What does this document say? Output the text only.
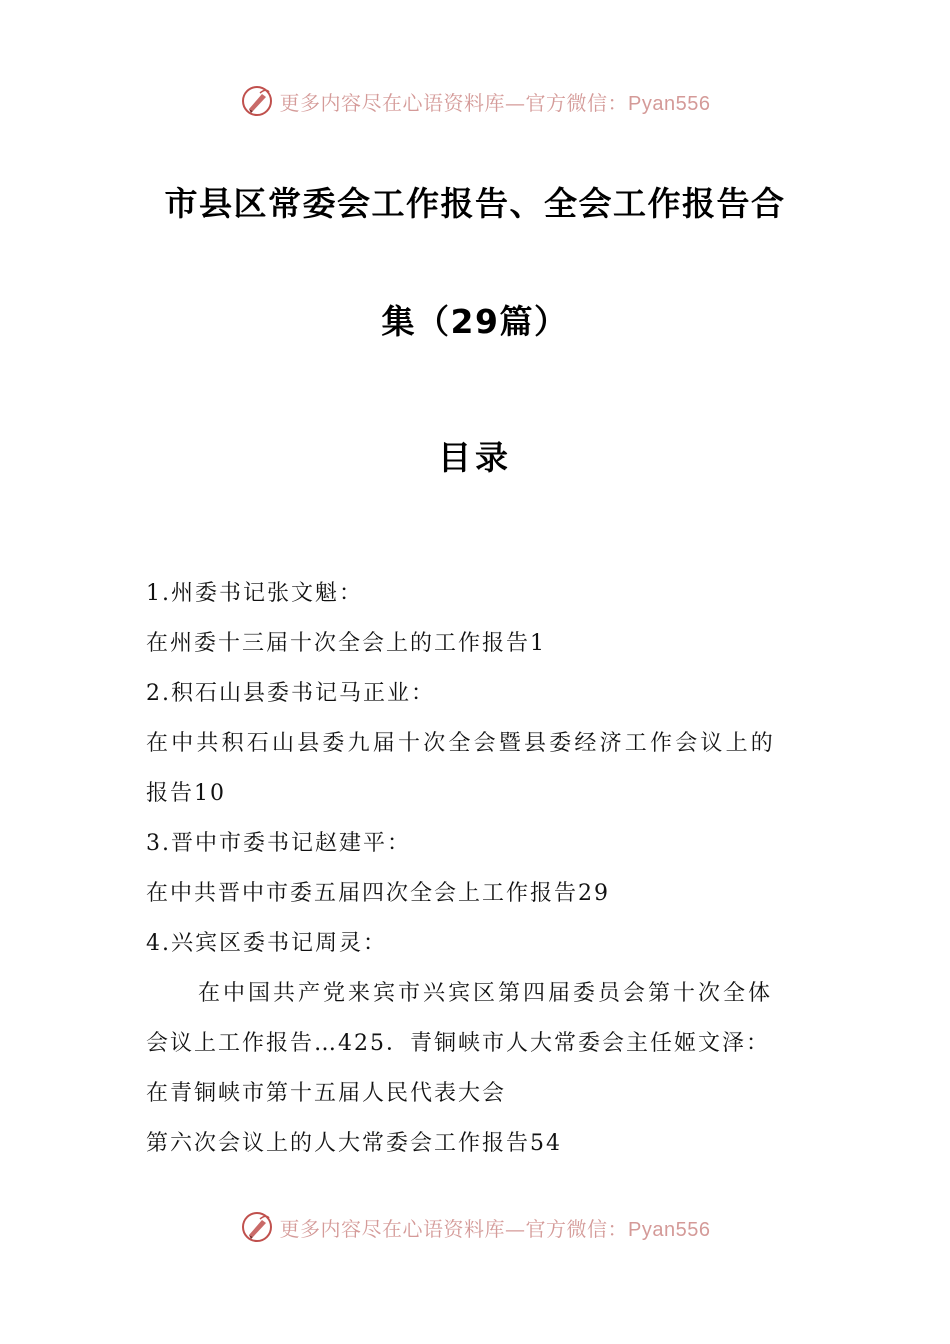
更多内容尽在心语资料库—官方微信：Pyan556
市县区常委会工作报告、全会工作报告合
集（29篇）
目录

1.州委书记张文魁：

在州委十三届十次全会上的工作报告1

2.积石山县委书记马正业：

在中共积石山县委九届十次全会暨县委经济工作会议上的

报告10

3.晋中市委书记赵建平：

在中共晋中市委五届四次全会上工作报告29

4.兴宾区委书记周灵：

在中国共产党来宾市兴宾区第四届委员会第十次全体

会议上工作报告…425．青铜峡市人大常委会主任姬文泽：

在青铜峡市第十五届人民代表大会

第六次会议上的人大常委会工作报告54

更多内容尽在心语资料库—官方微信：Pyan556
